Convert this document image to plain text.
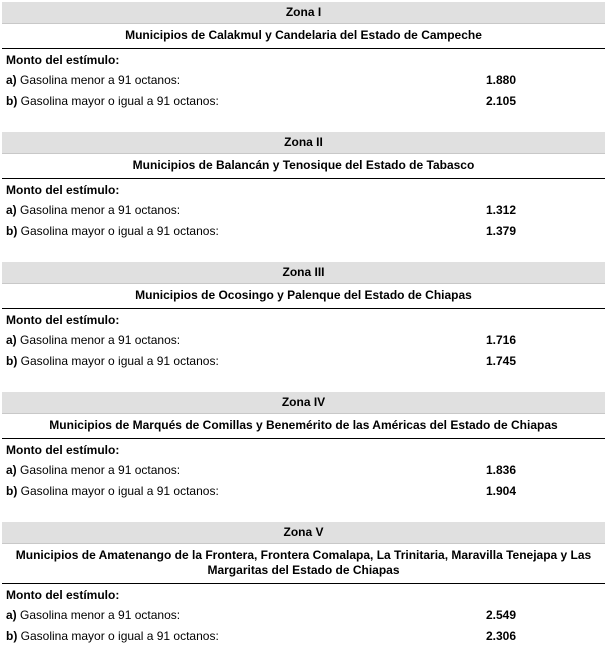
Zona I
Municipios de Calakmul y Candelaria del Estado de Campeche
Monto del estímulo:
a) Gasolina menor a 91 octanos:	1.880
b) Gasolina mayor o igual a 91 octanos:	2.105
Zona II
Municipios de Balancán y Tenosique del Estado de Tabasco
Monto del estímulo:
a) Gasolina menor a 91 octanos:	1.312
b) Gasolina mayor o igual a 91 octanos:	1.379
Zona III
Municipios de Ocosingo y Palenque del Estado de Chiapas
Monto del estímulo:
a) Gasolina menor a 91 octanos:	1.716
b) Gasolina mayor o igual a 91 octanos:	1.745
Zona IV
Municipios de Marqués de Comillas y Benemérito de las Américas del Estado de Chiapas
Monto del estímulo:
a) Gasolina menor a 91 octanos:	1.836
b) Gasolina mayor o igual a 91 octanos:	1.904
Zona V
Municipios de Amatenango de la Frontera, Frontera Comalapa, La Trinitaria, Maravilla Tenejapa y Las Margaritas del Estado de Chiapas
Monto del estímulo:
a) Gasolina menor a 91 octanos:	2.549
b) Gasolina mayor o igual a 91 octanos:	2.306
